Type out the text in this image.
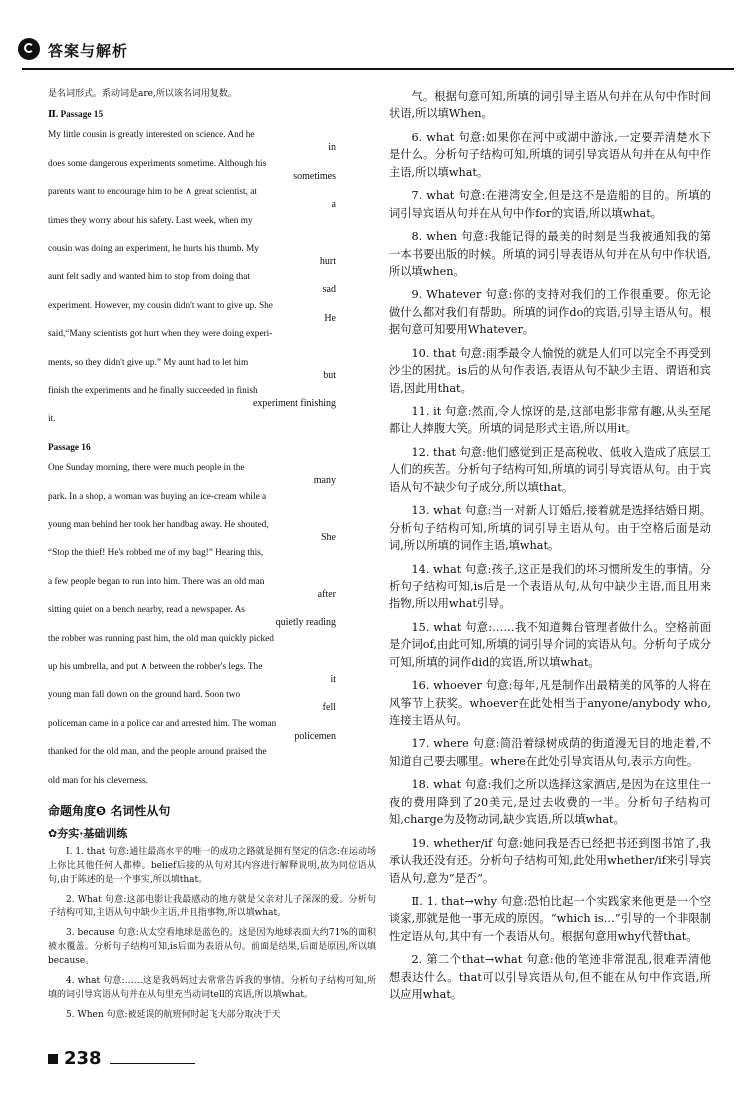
答案与解析

是名词形式。系动词是are,所以该名词用复数。

Ⅱ. Passage 15

My little cousin is greatly interested on science. And he
in
does some dangerous experiments sometime. Although his
sometimes
parents want to encourage him to be ∧ great scientist, at
a
times they worry about his safety. Last week, when my
cousin was doing an experiment, he hurts his thumb. My
hurt
aunt felt sadly and wanted him to stop from doing that
sad
experiment. However, my cousin didn't want to give up. She
He
said,“Many scientists got hurt when they were doing experi-
ments, so they didn't give up.” My aunt had to let him
but
finish the experiments and he finally succeeded in finish
experiment finishing
it.

Passage 16

One Sunday morning, there were much people in the
many
park. In a shop, a woman was buying an ice-cream while a
young man behind her took her handbag away. He shouted,
She
“Stop the thief! He's robbed me of my bag!” Hearing this,
a few people began to run into him. There was an old man
after
sitting quiet on a bench nearby, read a newspaper. As
quietly reading
the robber was running past him, the old man quickly picked
up his umbrella, and put ∧ between the robber's legs. The
it
young man fall down on the ground hard. Soon two
fell
policeman came in a police car and arrested him. The woman
policemen
thanked for the old man, and the people around praised the
old man for his cleverness.
命题角度❺ 名词性从句
✿夯实·基础训练

Ⅰ. 1. that 句意:通往最高水平的唯一的成功之路就是拥有坚定的信念:在运动场上你比其他任何人都棒。belief后接的从句对其内容进行解释说明,故为同位语从句,由于陈述的是一个事实,所以填that。

2. What 句意:这部电影让我最感动的地方就是父亲对儿子深深的爱。分析句子结构可知,主语从句中缺少主语,并且指事物,所以填what。

3. because 句意:从太空看地球是蓝色的。这是因为地球表面大约71%的面积被水覆盖。分析句子结构可知,is后面为表语从句。前面是结果,后面是原因,所以填because。

4. what 句意:……这是我妈妈过去常常告诉我的事情。分析句子结构可知,所填的词引导宾语从句并在从句里充当动词tell的宾语,所以填what。

5. When 句意:被延误的航班何时起飞大部分取决于天

气。根据句意可知,所填的词引导主语从句并在从句中作时间状语,所以填When。

6. what 句意:如果你在河中或湖中游泳,一定要弄清楚水下是什么。分析句子结构可知,所填的词引导宾语从句并在从句中作主语,所以填what。

7. what 句意:在港湾安全,但是这不是造船的目的。所填的词引导宾语从句并在从句中作for的宾语,所以填what。

8. when 句意:我能记得的最美的时刻是当我被通知我的第一本书要出版的时候。所填的词引导表语从句并在从句中作状语,所以填when。

9. Whatever 句意:你的支持对我们的工作很重要。你无论做什么都对我们有帮助。所填的词作do的宾语,引导主语从句。根据句意可知要用Whatever。

10. that 句意:雨季最令人愉悦的就是人们可以完全不再受到沙尘的困扰。is后的从句作表语,表语从句不缺少主语、谓语和宾语,因此用that。

11. it 句意:然而,令人惊讶的是,这部电影非常有趣,从头至尾都让人捧腹大笑。所填的词是形式主语,所以用it。

12. that 句意:他们感觉到正是高税收、低收入造成了底层工人们的疾苦。分析句子结构可知,所填的词引导宾语从句。由于宾语从句不缺少句子成分,所以填that。

13. what 句意:当一对新人订婚后,接着就是选择结婚日期。分析句子结构可知,所填的词引导主语从句。由于空格后面是动词,所以所填的词作主语,填what。

14. what 句意:孩子,这正是我们的坏习惯所发生的事情。分析句子结构可知,is后是一个表语从句,从句中缺少主语,而且用来指物,所以用what引导。

15. what 句意:……我不知道舞台管理者做什么。空格前面是介词of,由此可知,所填的词引导介词的宾语从句。分析句子成分可知,所填的词作did的宾语,所以填what。

16. whoever 句意:每年,凡是制作出最精美的风筝的人将在风筝节上获奖。whoever在此处相当于anyone/anybody who,连接主语从句。

17. where 句意:简沿着绿树成荫的街道漫无目的地走着,不知道自己要去哪里。where在此处引导宾语从句,表示方向性。

18. what 句意:我们之所以选择这家酒店,是因为在这里住一夜的费用降到了20美元,是过去收费的一半。分析句子结构可知,charge为及物动词,缺少宾语,所以填what。

19. whether/if 句意:她问我是否已经把书还到图书馆了,我承认我还没有还。分析句子结构可知,此处用whether/if来引导宾语从句,意为“是否”。

Ⅱ. 1. that→why 句意:恐怕比起一个实践家来他更是一个空谈家,那就是他一事无成的原因。“which is…”引导的一个非限制性定语从句,其中有一个表语从句。根据句意用why代替that。

2. 第二个that→what 句意:他的笔迹非常混乱,很难弄清他想表达什么。that可以引导宾语从句,但不能在从句中作宾语,所以应用what。

238
